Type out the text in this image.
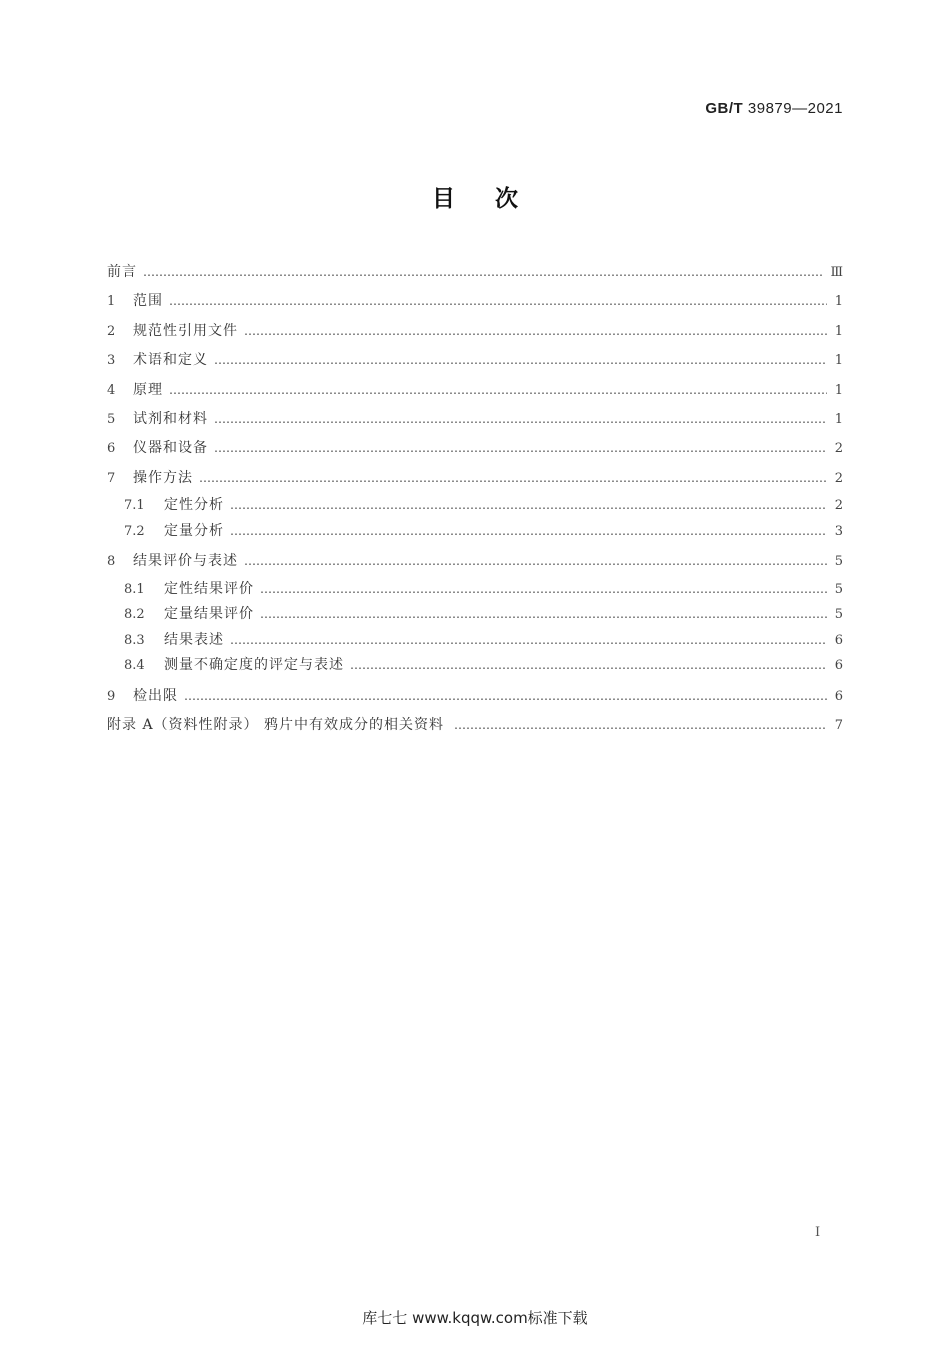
GB/T 39879—2021
目次
前言 …………………………………………………………………………………………………………………………………………………………………………………………………………………………………………………	Ⅲ
1	范围 …………………………………………………………………………………………………………………………………………………………………………………………………………………………………………………	1
2	规范性引用文件 …………………………………………………………………………………………………………………………………………………………………………………………………………………………………………………	1
3	术语和定义 …………………………………………………………………………………………………………………………………………………………………………………………………………………………………………………	1
4	原理 …………………………………………………………………………………………………………………………………………………………………………………………………………………………………………………	1
5	试剂和材料 …………………………………………………………………………………………………………………………………………………………………………………………………………………………………………………	1
6	仪器和设备 …………………………………………………………………………………………………………………………………………………………………………………………………………………………………………………	2
7	操作方法 …………………………………………………………………………………………………………………………………………………………………………………………………………………………………………………	2
7.1	定性分析 …………………………………………………………………………………………………………………………………………………………………………………………………………………………………………………	2
7.2	定量分析 …………………………………………………………………………………………………………………………………………………………………………………………………………………………………………………	3
8	结果评价与表述 …………………………………………………………………………………………………………………………………………………………………………………………………………………………………………………	5
8.1	定性结果评价 …………………………………………………………………………………………………………………………………………………………………………………………………………………………………………………	5
8.2	定量结果评价 …………………………………………………………………………………………………………………………………………………………………………………………………………………………………………………	5
8.3	结果表述 …………………………………………………………………………………………………………………………………………………………………………………………………………………………………………………	6
8.4	测量不确定度的评定与表述 …………………………………………………………………………………………………………………………………………………………………………………………………………………………………………………	6
9	检出限 …………………………………………………………………………………………………………………………………………………………………………………………………………………………………………………	6
附录 A（资料性附录） 鸦片中有效成分的相关资料 …………………………………………………………………………………………………………………………………………………………………………………………………………………………………………………	7
Ⅰ
库七七 www.kqqw.com标准下载
